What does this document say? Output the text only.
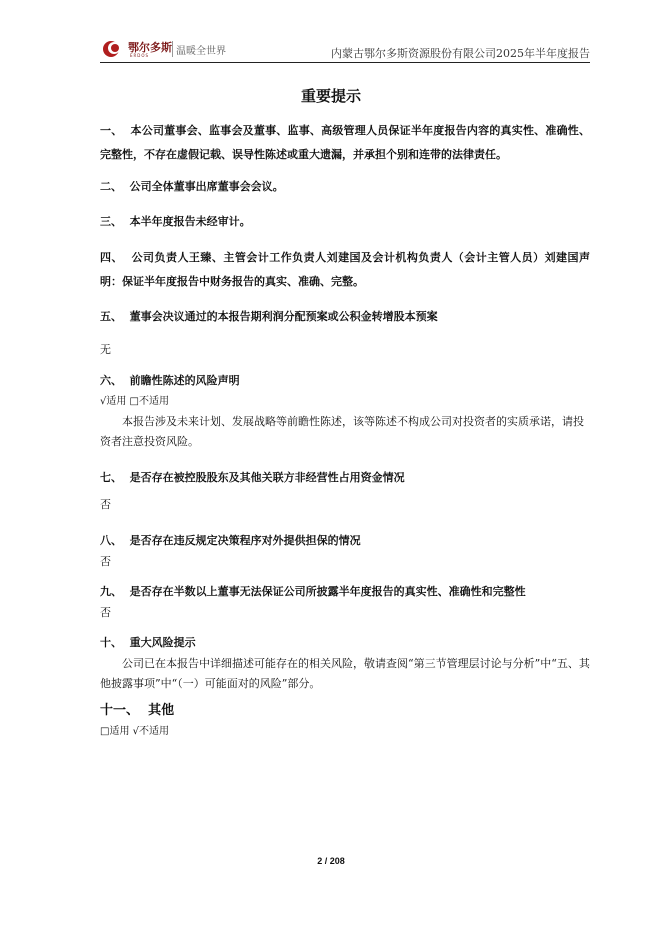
鄂尔多斯
ERDOS	温暖全世界	内蒙古鄂尔多斯资源股份有限公司2025年半年度报告
重要提示
一、 本公司董事会、监事会及董事、监事、高级管理人员保证半年度报告内容的真实性、准确性、完整性，不存在虚假记载、误导性陈述或重大遗漏，并承担个别和连带的法律责任。
二、 公司全体董事出席董事会会议。
三、 本半年度报告未经审计。
四、 公司负责人王臻、主管会计工作负责人刘建国及会计机构负责人（会计主管人员）刘建国声明：保证半年度报告中财务报告的真实、准确、完整。
五、 董事会决议通过的本报告期利润分配预案或公积金转增股本预案
无
六、 前瞻性陈述的风险声明
√适用 □不适用
本报告涉及未来计划、发展战略等前瞻性陈述，该等陈述不构成公司对投资者的实质承诺，请投资者注意投资风险。
七、 是否存在被控股股东及其他关联方非经营性占用资金情况
否
八、 是否存在违反规定决策程序对外提供担保的情况
否
九、 是否存在半数以上董事无法保证公司所披露半年度报告的真实性、准确性和完整性
否
十、 重大风险提示
公司已在本报告中详细描述可能存在的相关风险，敬请查阅“第三节管理层讨论与分析”中“五、其他披露事项”中“（一）可能面对的风险”部分。
十一、 其他
□适用 √不适用
2 / 208
